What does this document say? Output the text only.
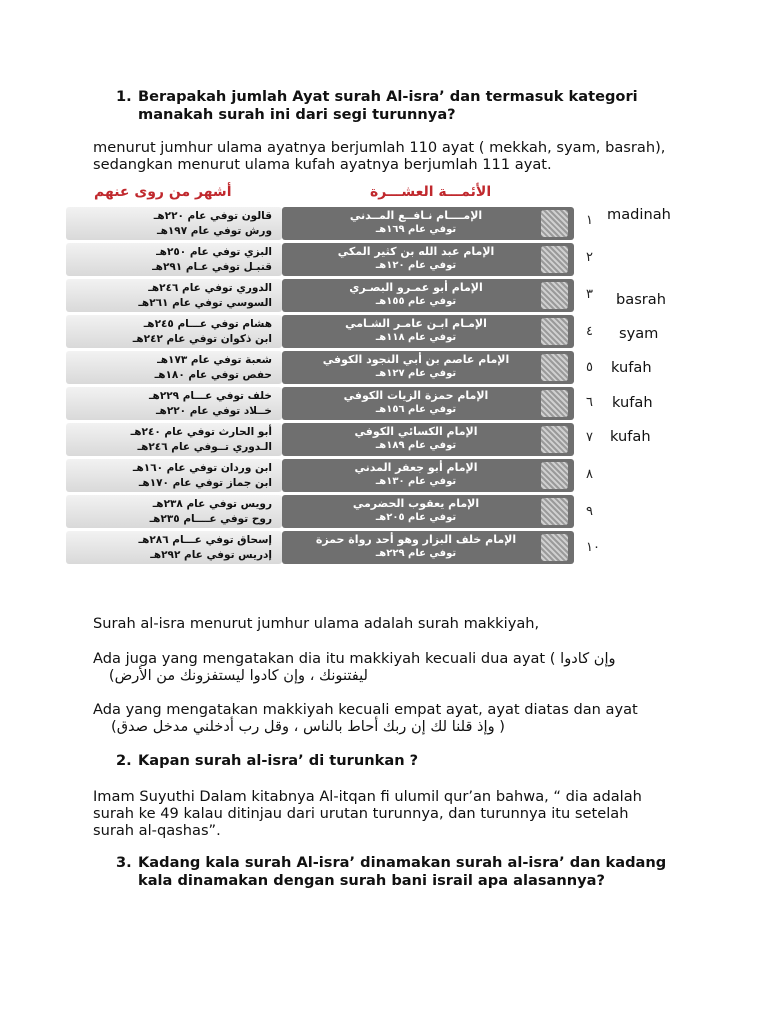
1. Berapakah jumlah Ayat surah Al-isra’ dan termasuk kategori manakah surah ini dari segi turunnya?
menurut jumhur ulama ayatnya berjumlah 110 ayat ( mekkah, syam, basrah), sedangkan menurut ulama kufah ayatnya berjumlah 111 ayat.
الأئمـــة العشـــرة
أشهر من روى عنهم
قالون توفي عام ٢٢٠هـ
ورش توفي عام ١٩٧هـ
الإمــــام نـافــع المــدني
توفي عام ١٦٩هـ
البزي توفي عام ٢٥٠هـ
قنبـل توفي عـام ٢٩١هـ
الإمام عبد الله بن كثير المكي
توفي عام ١٢٠هـ
الدوري توفي عام ٢٤٦هـ
السوسي توفي عام ٢٦١هـ
الإمام أبو عمـرو البصـري
توفي عام ١٥٥هـ
هشام توفي عـــام ٢٤٥هـ
ابن ذكوان توفي عام ٢٤٢هـ
الإمـام ابـن عامـر الشـامي
توفي عام ١١٨هـ
شعبة توفي عام ١٧٣هـ
حفص توفي عام ١٨٠هـ
الإمام عاصم بن أبي النجود الكوفي
توفي عام ١٢٧هـ
خلف توفي عـــام ٢٢٩هـ
خــلاد توفي عام ٢٢٠هـ
الإمام حمزة الزيات الكوفي
توفي عام ١٥٦هـ
أبو الحارث توفي عام ٢٤٠هـ
الـدوري تــوفي عام ٢٤٦هـ
الإمام الكسائي الكوفي
توفي عام ١٨٩هـ
ابن وردان توفي عام ١٦٠هـ
ابن جماز توفي عام ١٧٠هـ
الإمام أبو جعفر المدني
توفي عام ١٣٠هـ
رويس توفي عام ٢٣٨هـ
روح توفي عــــام ٢٣٥هـ
الإمام يعقوب الحضرمي
توفي عام ٢٠٥هـ
إسحاق توفي عـــام ٢٨٦هـ
إدريس توفي عام ٢٩٢هـ
الإمام خلف البزار وهو أحد رواة حمزة
توفي عام ٢٢٩هـ
١
٢
٣
٤
٥
٦
٧
٨
٩
١٠
madinah
basrah
syam
kufah
kufah
kufah
Surah al-isra menurut jumhur ulama adalah surah makkiyah,
Ada juga yang mengatakan dia itu makkiyah kecuali dua ayat ( وإن كادوا
ليفتنونك ، وإن كادوا ليستفزونك من الأرض)
Ada yang mengatakan makkiyah kecuali empat ayat, ayat diatas dan ayat
( وإذ قلنا لك إن ربك أحاط بالناس ، وقل رب أدخلني مدخل صدق)
2. Kapan surah al-isra’ di turunkan ?
Imam Suyuthi Dalam kitabnya Al-itqan fi ulumil qur’an bahwa, “ dia adalah surah ke 49 kalau ditinjau dari urutan turunnya, dan turunnya itu setelah surah al-qashas”.
3. Kadang kala surah Al-isra’ dinamakan surah al-isra’ dan kadang kala dinamakan dengan surah bani israil apa alasannya?
